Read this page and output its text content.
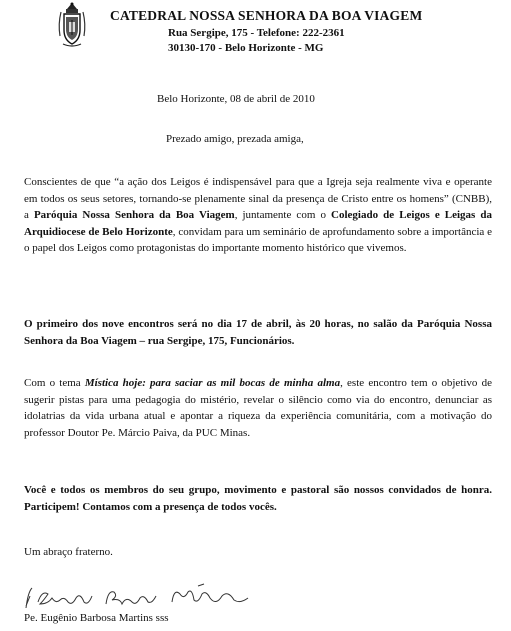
CATEDRAL NOSSA SENHORA DA BOA VIAGEM
Rua Sergipe, 175 - Telefone: 222-2361
30130-170 - Belo Horizonte - MG
Belo Horizonte, 08 de abril de 2010
Prezado amigo, prezada amiga,
Conscientes de que “a ação dos Leigos é indispensável para que a Igreja seja realmente viva e operante em todos os seus setores, tornando-se plenamente sinal da presença de Cristo entre os homens” (CNBB), a Paróquia Nossa Senhora da Boa Viagem, juntamente com o Colegiado de Leigos e Leigas da Arquidiocese de Belo Horizonte, convidam para um seminário de aprofundamento sobre a importância e o papel dos Leigos como protagonistas do importante momento histórico que vivemos.
O primeiro dos nove encontros será no dia 17 de abril, às 20 horas, no salão da Paróquia Nossa Senhora da Boa Viagem – rua Sergipe, 175, Funcionários.
Com o tema Mística hoje: para saciar as mil bocas de minha alma, este encontro tem o objetivo de sugerir pistas para uma pedagogia do mistério, revelar o silêncio como via do encontro, denunciar as idolatrias da vida urbana atual e apontar a riqueza da experiência comunitária, com a motivação do professor Doutor Pe. Márcio Paiva, da PUC Minas.
Você e todos os membros do seu grupo, movimento e pastoral são nossos convidados de honra. Participem! Contamos com a presença de todos vocês.
Um abraço fraterno.
Pe. Eugênio Barbosa Martins sss
